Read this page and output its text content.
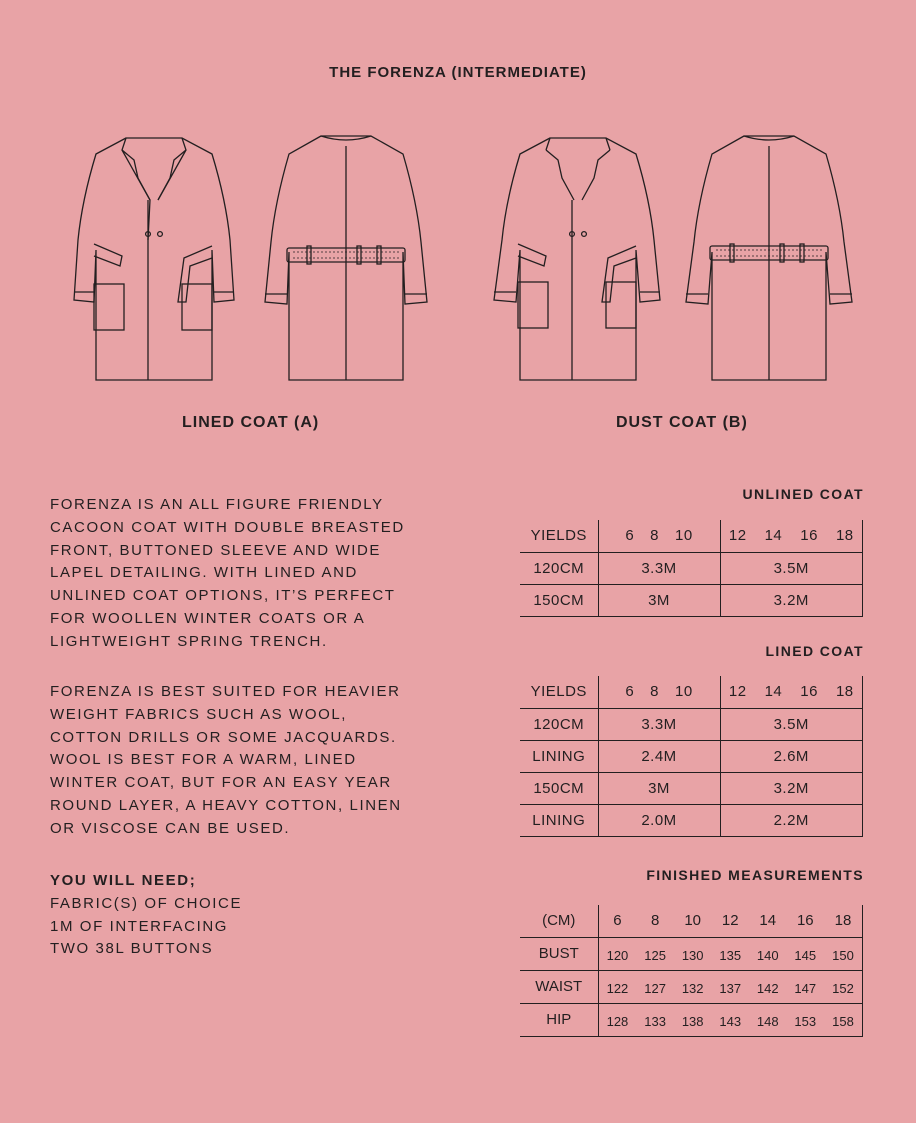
THE FORENZA (INTERMEDIATE)
LINED COAT (A)	DUST COAT (B)

FORENZA IS AN ALL FIGURE FRIENDLY
CACOON COAT WITH DOUBLE BREASTED
FRONT, BUTTONED SLEEVE AND WIDE
LAPEL DETAILING. WITH LINED AND
UNLINED COAT OPTIONS, IT’S PERFECT
FOR WOOLLEN WINTER COATS OR A
LIGHTWEIGHT SPRING TRENCH.

FORENZA IS BEST SUITED FOR HEAVIER
WEIGHT FABRICS SUCH AS WOOL,
COTTON DRILLS OR SOME JACQUARDS.
WOOL IS BEST FOR A WARM, LINED
WINTER COAT, BUT FOR AN EASY YEAR
ROUND LAYER, A HEAVY COTTON, LINEN
OR VISCOSE CAN BE USED.

YOU WILL NEED;

FABRIC(S) OF CHOICE

1M OF INTERFACING

TWO 38L BUTTONS

UNLINED COAT
YIELDS	6 8 10	12 14 16 18

120CM	3.3M	3.5M
150CM	3M	3.2M
LINED COAT
YIELDS	6 8 10	12 14 16 18

120CM	3.3M	3.5M
LINING	2.4M	2.6M
150CM	3M	3.2M
LINING	2.0M	2.2M
FINISHED MEASUREMENTS
(CM)	6	8	10	12	14	16	18
BUST	120	125	130	135	140	145	150
WAIST	122	127	132	137	142	147	152
HIP	128	133	138	143	148	153	158
